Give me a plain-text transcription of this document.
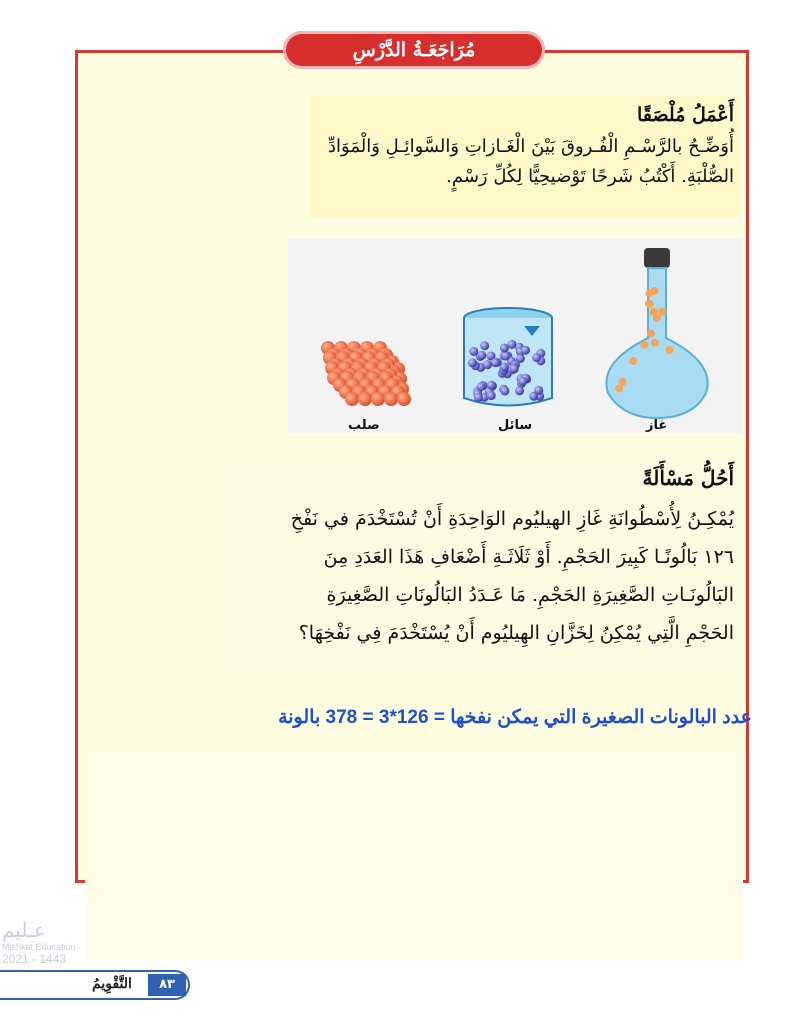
مُرَاجَعَـةُ الدَّرْسِ
أَعْمَلُ مُلْصَقًا
أُوَضِّـحُ بالرَّسْـمِ الْفُـروقَ بَيْنَ الْغَـازاتِ وَالسَّوائِـلِ وَالْمَوَادِّ
الصُّلْبَةِ. أَكْتُبُ شَرحًا تَوْضيحِيًّا لِكُلِّ رَسْمٍ.
صلب	سائل	غاز
أَحُلُّ مَسْأَلَةً
يُمْكِـنُ لِأُسْطُوانَةِ غَازِ الهيليُوم الوَاحِدَةِ أَنْ تُسْتَخْدَمَ في نَفْخِ
١٢٦ بَالُونًـا كَبِيرَ الحَجْمِ. أَوْ ثَلَاثَـةِ أَضْعَافِ هَذَا العَدَدِ مِنَ
البَالُونَـاتِ الصَّغِيرَةِ الحَجْمِ. مَا عَـدَدُ البَالُونَاتِ الصَّغِيرَةِ
الحَجْمِ الَّتِي يُمْكِنُ لِخَزَّانِ الهِيليُوم أَنْ يُسْتَخْدَمَ فِي نَفْخِهَا؟
عدد البالونات الصغيرة التي يمكن نفخها = 126*3 = 378 بالونة
عـليم
Mishkat Education
2021 - 1443
التَّقْوِيمُ	٨٣
